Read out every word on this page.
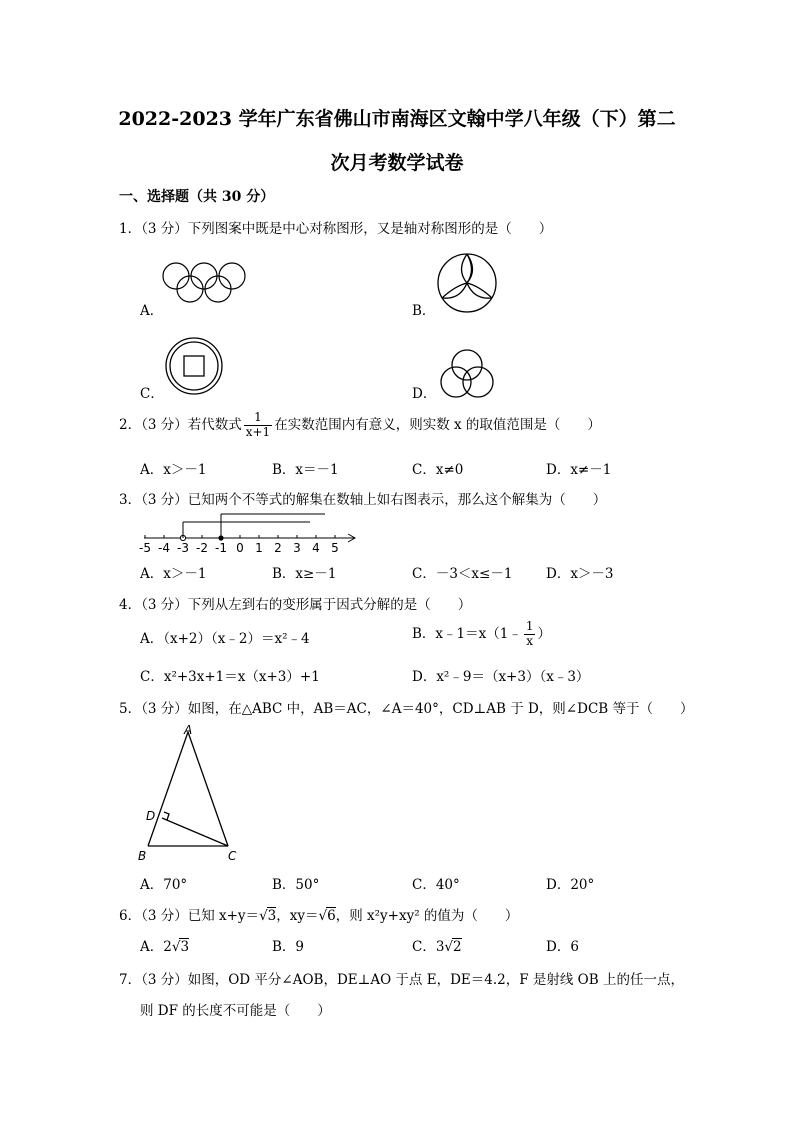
2022-2023 学年广东省佛山市南海区文翰中学八年级（下）第二
次月考数学试卷
一、选择题（共 30 分）
1．（3 分）下列图案中既是中心对称图形，又是轴对称图形的是（　　）
A．	B．
C．	D．
2．（3 分）若代数式 $\frac{1}{x+1}$ 在实数范围内有意义，则实数 x 的取值范围是（　　）
A．x＞－1	B．x＝－1	C．x≠0	D．x≠－1
3．（3 分）已知两个不等式的解集在数轴上如右图表示，那么这个解集为（　　）
-5 -4 -3 -2 -1 0 1 2 3 4 5
A．x＞－1	B．x≥－1	C．－3＜x≤－1 D．x＞－3
4．（3 分）下列从左到右的变形属于因式分解的是（　　）
A．（x+2）（x﹣2）＝x²﹣4	B．x﹣1＝x（1﹣ $\frac{1}{x}$ ）
C．x²+3x+1＝x（x+3）+1	D．x²﹣9＝（x+3）（x﹣3）
5．（3 分）如图，在△ABC 中，AB＝AC，∠A＝40°，CD⊥AB 于 D，则∠DCB 等于（　　）
A
D
B	C
A．70°	B．50°	C．40°	D．20°
6．（3 分）已知 x+y＝√3，xy＝√6，则 x²y+xy² 的值为（　　）
A．2√3	B．9	C．3√2	D．6
7．（3 分）如图，OD 平分∠AOB，DE⊥AO 于点 E，DE＝4.2，F 是射线 OB 上的任一点，
则 DF 的长度不可能是（　　）
